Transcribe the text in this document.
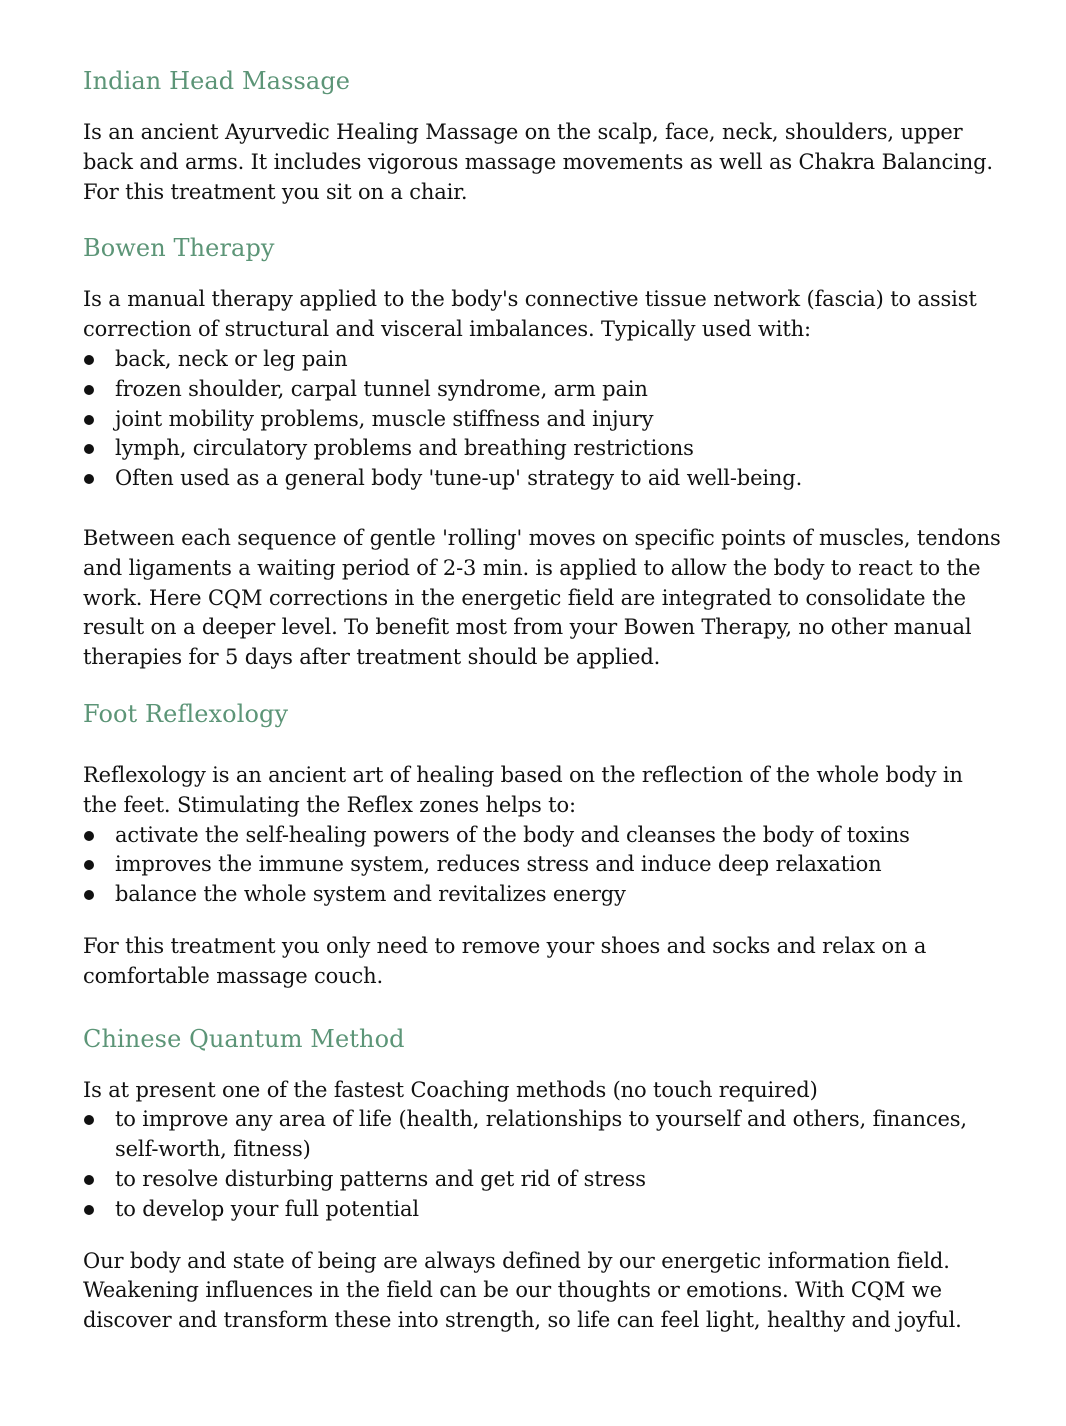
Indian Head Massage

Is an ancient Ayurvedic Healing Massage on the scalp, face, neck, shoulders, upper back and arms. It includes vigorous massage movements as well as Chakra Balancing. For this treatment you sit on a chair.

Bowen Therapy

Is a manual therapy applied to the body's connective tissue network (fascia) to assist correction of structural and visceral imbalances. Typically used with:

back, neck or leg pain
frozen shoulder, carpal tunnel syndrome, arm pain
joint mobility problems, muscle stiffness and injury
lymph, circulatory problems and breathing restrictions
Often used as a general body 'tune-up' strategy to aid well-being.

Between each sequence of gentle 'rolling' moves on specific points of muscles, tendons and ligaments a waiting period of 2-3 min. is applied to allow the body to react to the work. Here CQM corrections in the energetic field are integrated to consolidate the result on a deeper level. To benefit most from your Bowen Therapy, no other manual therapies for 5 days after treatment should be applied.

Foot Reflexology

Reflexology is an ancient art of healing based on the reflection of the whole body in the feet. Stimulating the Reflex zones helps to:

activate the self-healing powers of the body and cleanses the body of toxins
improves the immune system, reduces stress and induce deep relaxation
balance the whole system and revitalizes energy

For this treatment you only need to remove your shoes and socks and relax on a comfortable massage couch.

Chinese Quantum Method

Is at present one of the fastest Coaching methods (no touch required)

to improve any area of life (health, relationships to yourself and others, finances, self-worth, fitness)
to resolve disturbing patterns and get rid of stress
to develop your full potential

Our body and state of being are always defined by our energetic information field. Weakening influences in the field can be our thoughts or emotions. With CQM we discover and transform these into strength, so life can feel light, healthy and joyful.
